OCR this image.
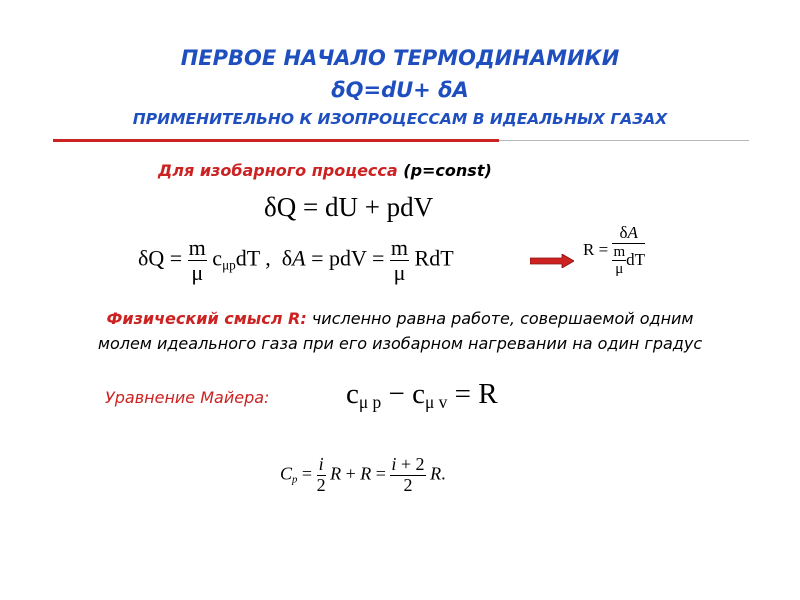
ПЕРВОЕ НАЧАЛО ТЕРМОДИНАМИКИ
δQ=dU+ δA
ПРИМЕНИТЕЛЬНО К ИЗОПРОЦЕССАМ В ИДЕАЛЬНЫХ ГАЗАХ
Для изобарного процесса (p=const)
δQ = dU + pdV
$\delta Q = \frac{m}{\mu} c_{\mu p}dT$ ,  δA = pdV = $\frac{m}{\mu}$ RdT	$R = \frac{\delta A}{\frac{m}{\mu} dT}$
Физический смысл R: численно равна работе, совершаемой одним
молем идеального газа при его изобарном нагревании на один градус
Уравнение Майера:	$c_{\mu p} - c_{\mu v} = R$
$C_p = \frac{i}{2}$ $R + R = \frac{i + 2}{2} R$.
